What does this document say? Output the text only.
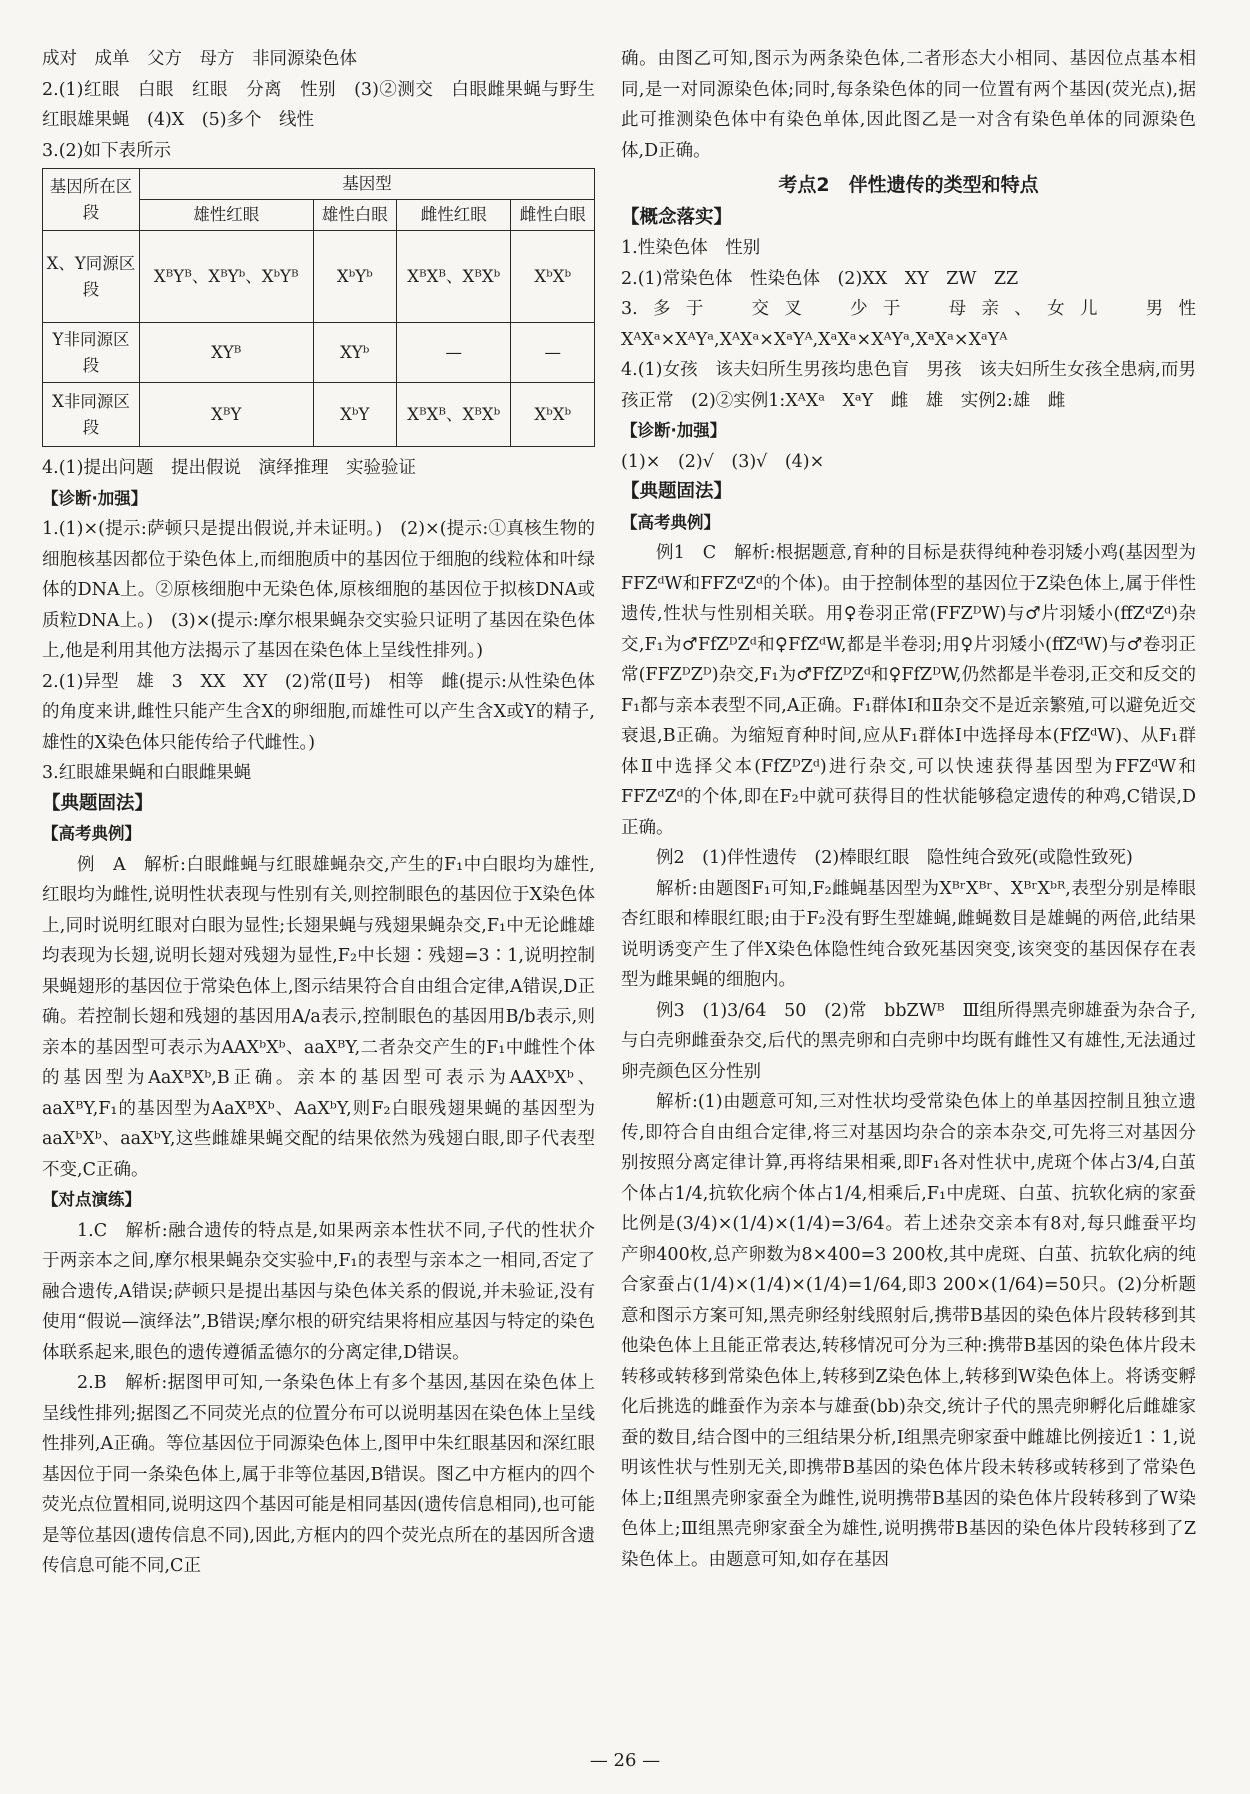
成对　成单　父方　母方　非同源染色体

2.(1)红眼　白眼　红眼　分离　性别　(3)②测交　白眼雌果蝇与野生红眼雄果蝇　(4)X　(5)多个　线性

3.(2)如下表所示

基因所在区段	基因型			
	雄性红眼	雄性白眼	雌性红眼	雌性白眼
X、Y同源区段	XᴮYᴮ、XᴮYᵇ、XᵇYᴮ	XᵇYᵇ	XᴮXᴮ、XᴮXᵇ	XᵇXᵇ
Y非同源区段	XYᴮ	XYᵇ	—	—
X非同源区段	XᴮY	XᵇY	XᴮXᴮ、XᴮXᵇ	XᵇXᵇ

4.(1)提出问题　提出假说　演绎推理　实验验证

【诊断·加强】

1.(1)×(提示:萨顿只是提出假说,并未证明。)　(2)×(提示:①真核生物的细胞核基因都位于染色体上,而细胞质中的基因位于细胞的线粒体和叶绿体的DNA上。②原核细胞中无染色体,原核细胞的基因位于拟核DNA或质粒DNA上。)　(3)×(提示:摩尔根果蝇杂交实验只证明了基因在染色体上,他是利用其他方法揭示了基因在染色体上呈线性排列。)

2.(1)异型　雄　3　XX　XY　(2)常(Ⅱ号)　相等　雌(提示:从性染色体的角度来讲,雌性只能产生含X的卵细胞,而雄性可以产生含X或Y的精子,雄性的X染色体只能传给子代雌性。)

3.红眼雄果蝇和白眼雌果蝇

【典题固法】

【高考典例】

例　A　解析:白眼雌蝇与红眼雄蝇杂交,产生的F₁中白眼均为雄性,红眼均为雌性,说明性状表现与性别有关,则控制眼色的基因位于X染色体上,同时说明红眼对白眼为显性;长翅果蝇与残翅果蝇杂交,F₁中无论雌雄均表现为长翅,说明长翅对残翅为显性,F₂中长翅∶残翅=3∶1,说明控制果蝇翅形的基因位于常染色体上,图示结果符合自由组合定律,A错误,D正确。若控制长翅和残翅的基因用A/a表示,控制眼色的基因用B/b表示,则亲本的基因型可表示为AAXᵇXᵇ、aaXᴮY,二者杂交产生的F₁中雌性个体的基因型为AaXᴮXᵇ,B正确。亲本的基因型可表示为AAXᵇXᵇ、aaXᴮY,F₁的基因型为AaXᴮXᵇ、AaXᵇY,则F₂白眼残翅果蝇的基因型为aaXᵇXᵇ、aaXᵇY,这些雌雄果蝇交配的结果依然为残翅白眼,即子代表型不变,C正确。

【对点演练】

1.C　解析:融合遗传的特点是,如果两亲本性状不同,子代的性状介于两亲本之间,摩尔根果蝇杂交实验中,F₁的表型与亲本之一相同,否定了融合遗传,A错误;萨顿只是提出基因与染色体关系的假说,并未验证,没有使用“假说—演绎法”,B错误;摩尔根的研究结果将相应基因与特定的染色体联系起来,眼色的遗传遵循孟德尔的分离定律,D错误。

2.B　解析:据图甲可知,一条染色体上有多个基因,基因在染色体上呈线性排列;据图乙不同荧光点的位置分布可以说明基因在染色体上呈线性排列,A正确。等位基因位于同源染色体上,图甲中朱红眼基因和深红眼基因位于同一条染色体上,属于非等位基因,B错误。图乙中方框内的四个荧光点位置相同,说明这四个基因可能是相同基因(遗传信息相同),也可能是等位基因(遗传信息不同),因此,方框内的四个荧光点所在的基因所含遗传信息可能不同,C正

确。由图乙可知,图示为两条染色体,二者形态大小相同、基因位点基本相同,是一对同源染色体;同时,每条染色体的同一位置有两个基因(荧光点),据此可推测染色体中有染色单体,因此图乙是一对含有染色单体的同源染色体,D正确。

考点2　伴性遗传的类型和特点

【概念落实】

1.性染色体　性别

2.(1)常染色体　性染色体　(2)XX　XY　ZW　ZZ

3.多于　交叉　少于　母亲、女儿　男性　XᴬXᵃ×XᴬYᵃ,XᴬXᵃ×XᵃYᴬ,XᵃXᵃ×XᴬYᵃ,XᵃXᵃ×XᵃYᴬ

4.(1)女孩　该夫妇所生男孩均患色盲　男孩　该夫妇所生女孩全患病,而男孩正常　(2)②实例1:XᴬXᵃ　XᵃY　雌　雄　实例2:雄　雌

【诊断·加强】

(1)×　(2)√　(3)√　(4)×

【典题固法】

【高考典例】

例1　C　解析:根据题意,育种的目标是获得纯种卷羽矮小鸡(基因型为FFZᵈW和FFZᵈZᵈ的个体)。由于控制体型的基因位于Z染色体上,属于伴性遗传,性状与性别相关联。用♀卷羽正常(FFZᴰW)与♂片羽矮小(ffZᵈZᵈ)杂交,F₁为♂FfZᴰZᵈ和♀FfZᵈW,都是半卷羽;用♀片羽矮小(ffZᵈW)与♂卷羽正常(FFZᴰZᴰ)杂交,F₁为♂FfZᴰZᵈ和♀FfZᴰW,仍然都是半卷羽,正交和反交的F₁都与亲本表型不同,A正确。F₁群体Ⅰ和Ⅱ杂交不是近亲繁殖,可以避免近交衰退,B正确。为缩短育种时间,应从F₁群体Ⅰ中选择母本(FfZᵈW)、从F₁群体Ⅱ中选择父本(FfZᴰZᵈ)进行杂交,可以快速获得基因型为FFZᵈW和FFZᵈZᵈ的个体,即在F₂中就可获得目的性状能够稳定遗传的种鸡,C错误,D正确。

例2　(1)伴性遗传　(2)棒眼红眼　隐性纯合致死(或隐性致死)

解析:由题图F₁可知,F₂雌蝇基因型为XᴮʳXᴮʳ、XᴮʳXᵇᴿ,表型分别是棒眼杏红眼和棒眼红眼;由于F₂没有野生型雄蝇,雌蝇数目是雄蝇的两倍,此结果说明诱变产生了伴X染色体隐性纯合致死基因突变,该突变的基因保存在表型为雌果蝇的细胞内。

例3　(1)3/64　50　(2)常　bbZWᴮ　Ⅲ组所得黑壳卵雄蚕为杂合子,与白壳卵雌蚕杂交,后代的黑壳卵和白壳卵中均既有雌性又有雄性,无法通过卵壳颜色区分性别

解析:(1)由题意可知,三对性状均受常染色体上的单基因控制且独立遗传,即符合自由组合定律,将三对基因均杂合的亲本杂交,可先将三对基因分别按照分离定律计算,再将结果相乘,即F₁各对性状中,虎斑个体占3/4,白茧个体占1/4,抗软化病个体占1/4,相乘后,F₁中虎斑、白茧、抗软化病的家蚕比例是(3/4)×(1/4)×(1/4)=3/64。若上述杂交亲本有8对,每只雌蚕平均产卵400枚,总产卵数为8×400=3 200枚,其中虎斑、白茧、抗软化病的纯合家蚕占(1/4)×(1/4)×(1/4)=1/64,即3 200×(1/64)=50只。(2)分析题意和图示方案可知,黑壳卵经射线照射后,携带B基因的染色体片段转移到其他染色体上且能正常表达,转移情况可分为三种:携带B基因的染色体片段未转移或转移到常染色体上,转移到Z染色体上,转移到W染色体上。将诱变孵化后挑选的雌蚕作为亲本与雄蚕(bb)杂交,统计子代的黑壳卵孵化后雌雄家蚕的数目,结合图中的三组结果分析,Ⅰ组黑壳卵家蚕中雌雄比例接近1∶1,说明该性状与性别无关,即携带B基因的染色体片段未转移或转移到了常染色体上;Ⅱ组黑壳卵家蚕全为雌性,说明携带B基因的染色体片段转移到了W染色体上;Ⅲ组黑壳卵家蚕全为雄性,说明携带B基因的染色体片段转移到了Z染色体上。由题意可知,如存在基因

— 26 —
